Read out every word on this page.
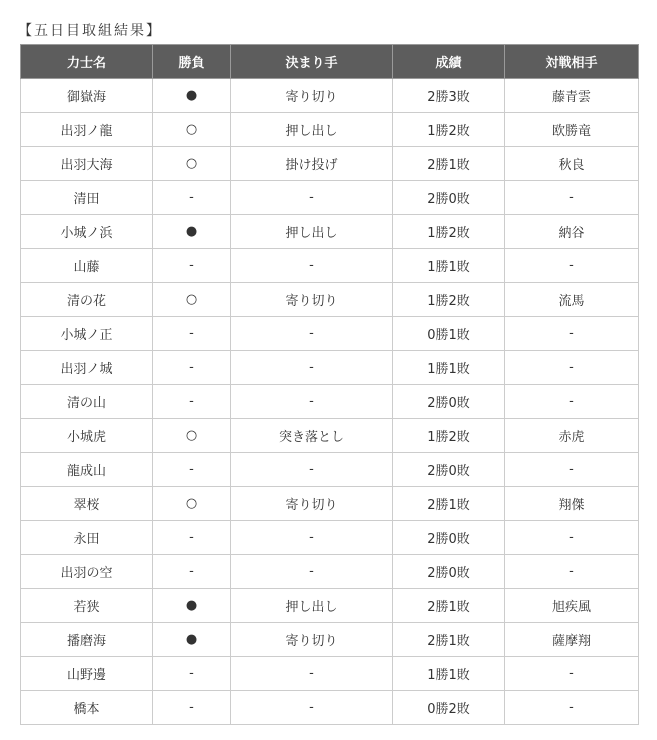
【五日目取組結果】
力士名	勝負	決まり手	成績	対戦相手
御嶽海	●	寄り切り	2勝3敗	藤青雲
出羽ノ龍	○	押し出し	1勝2敗	欧勝竜
出羽大海	○	掛け投げ	2勝1敗	秋良
清田	-	-	2勝0敗	-
小城ノ浜	●	押し出し	1勝2敗	納谷
山藤	-	-	1勝1敗	-
清の花	○	寄り切り	1勝2敗	流馬
小城ノ正	-	-	0勝1敗	-
出羽ノ城	-	-	1勝1敗	-
清の山	-	-	2勝0敗	-
小城虎	○	突き落とし	1勝2敗	赤虎
龍成山	-	-	2勝0敗	-
翠桜	○	寄り切り	2勝1敗	翔傑
永田	-	-	2勝0敗	-
出羽の空	-	-	2勝0敗	-
若狭	●	押し出し	2勝1敗	旭疾風
播磨海	●	寄り切り	2勝1敗	薩摩翔
山野邊	-	-	1勝1敗	-
橋本	-	-	0勝2敗	-
